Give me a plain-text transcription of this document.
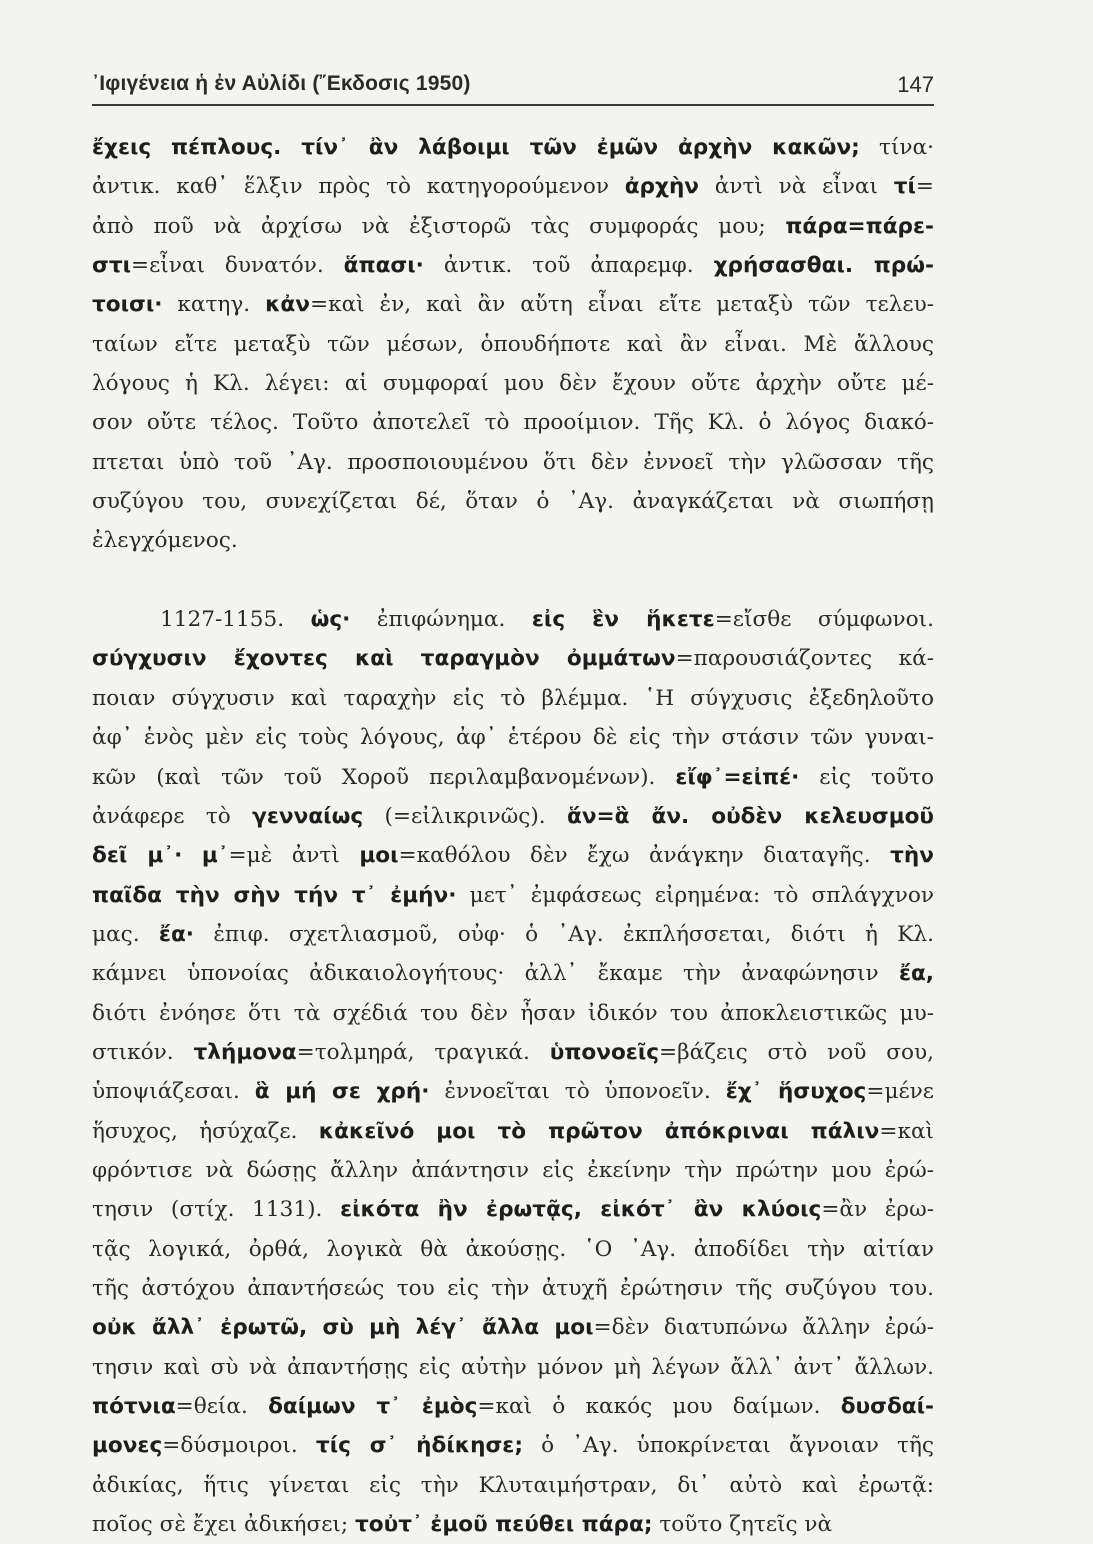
᾿Ιφιγένεια ἡ ἐν Αὐλίδι (῎Εκδοσις 1950)	147
ἔχεις πέπλους. τίν᾿ ἂν λάβοιμι τῶν ἐμῶν ἀρχὴν κακῶν; τίνα·
ἀντικ. καθ᾿ ἕλξιν πρὸς τὸ κατηγορούμενον ἀρχὴν ἀντὶ νὰ εἶναι τί=
ἀπὸ ποῦ νὰ ἀρχίσω νὰ ἐξιστορῶ τὰς συμφοράς μου; πάρα=πάρε-
στι=εἶναι δυνατόν. ἅπασι· ἀντικ. τοῦ ἀπαρεμφ. χρήσασθαι. πρώ-
τοισι· κατηγ. κἀν=καὶ ἐν, καὶ ἂν αὔτη εἶναι εἴτε μεταξὺ τῶν τελευ-
ταίων εἴτε μεταξὺ τῶν μέσων, ὁπουδήποτε καὶ ἂν εἶναι. Μὲ ἄλλους
λόγους ἡ Κλ. λέγει: αἱ συμφοραί μου δὲν ἔχουν οὔτε ἀρχὴν οὔτε μέ-
σον οὔτε τέλος. Τοῦτο ἀποτελεῖ τὸ προοίμιον. Τῆς Κλ. ὁ λόγος διακό-
πτεται ὑπὸ τοῦ ᾿Αγ. προσποιουμένου ὅτι δὲν ἐννοεῖ τὴν γλῶσσαν τῆς
συζύγου του, συνεχίζεται δέ, ὅταν ὁ ᾿Αγ. ἀναγκάζεται νὰ σιωπήσῃ
ἐλεγχόμενος.
1127-1155. ὡς· ἐπιφώνημα. εἰς ἓν ἥκετε=εἴσθε σύμφωνοι.
σύγχυσιν ἔχοντες καὶ ταραγμὸν ὀμμάτων=παρουσιάζοντες κά-
ποιαν σύγχυσιν καὶ ταραχὴν εἰς τὸ βλέμμα. ῾Η σύγχυσις ἐξεδηλοῦτο
ἀφ᾿ ἑνὸς μὲν εἰς τοὺς λόγους, ἀφ᾿ ἑτέρου δὲ εἰς τὴν στάσιν τῶν γυναι-
κῶν (καὶ τῶν τοῦ Χοροῦ περιλαμβανομένων). εἴφ᾿=εἰπέ· εἰς τοῦτο
ἀνάφερε τὸ γενναίως (=εἰλικρινῶς). ἅν=ἃ ἄν. οὐδὲν κελευσμοῦ
δεῖ μ᾿· μ᾿=μὲ ἀντὶ μοι=καθόλου δὲν ἔχω ἀνάγκην διαταγῆς. τὴν
παῖδα τὴν σὴν τήν τ᾿ ἐμήν· μετ᾿ ἐμφάσεως εἰρημένα: τὸ σπλάγχνον
μας. ἔα· ἐπιφ. σχετλιασμοῦ, οὐφ· ὁ ᾿Αγ. ἐκπλήσσεται, διότι ἡ Κλ.
κάμνει ὑπονοίας ἀδικαιολογήτους· ἀλλ᾿ ἔκαμε τὴν ἀναφώνησιν ἔα,
διότι ἐνόησε ὅτι τὰ σχέδιά του δὲν ἦσαν ἰδικόν του ἀποκλειστικῶς μυ-
στικόν. τλήμονα=τολμηρά, τραγικά. ὑπονοεῖς=βάζεις στὸ νοῦ σου,
ὑποψιάζεσαι. ἃ μή σε χρή· ἐννοεῖται τὸ ὑπονοεῖν. ἔχ᾿ ἥσυχος=μένε
ἥσυχος, ἡσύχαζε. κἀκεῖνό μοι τὸ πρῶτον ἀπόκριναι πάλιν=καὶ
φρόντισε νὰ δώσῃς ἄλλην ἀπάντησιν εἰς ἐκείνην τὴν πρώτην μου ἐρώ-
τησιν (στίχ. 1131). εἰκότα ἢν ἐρωτᾷς, εἰκότ᾿ ἂν κλύοις=ἂν ἐρω-
τᾷς λογικά, ὀρθά, λογικὰ θὰ ἀκούσῃς. ῾Ο ᾿Αγ. ἀποδίδει τὴν αἰτίαν
τῆς ἀστόχου ἀπαντήσεώς του εἰς τὴν ἀτυχῆ ἐρώτησιν τῆς συζύγου του.
οὐκ ἄλλ᾿ ἐρωτῶ, σὺ μὴ λέγ᾿ ἄλλα μοι=δὲν διατυπώνω ἄλλην ἐρώ-
τησιν καὶ σὺ νὰ ἀπαντήσῃς εἰς αὐτὴν μόνον μὴ λέγων ἄλλ᾿ ἀντ᾿ ἄλλων.
πότνια=θεία. δαίμων τ᾿ ἐμὸς=καὶ ὁ κακός μου δαίμων. δυσδαί-
μονες=δύσμοιροι. τίς σ᾿ ἠδίκησε; ὁ ᾿Αγ. ὑποκρίνεται ἄγνοιαν τῆς
ἀδικίας, ἥτις γίνεται εἰς τὴν Κλυταιμήστραν, δι᾿ αὐτὸ καὶ ἐρωτᾷ:
ποῖος σὲ ἔχει ἀδικήσει; τοὐτ᾿ ἐμοῦ πεύθει πάρα; τοῦτο ζητεῖς νὰ
